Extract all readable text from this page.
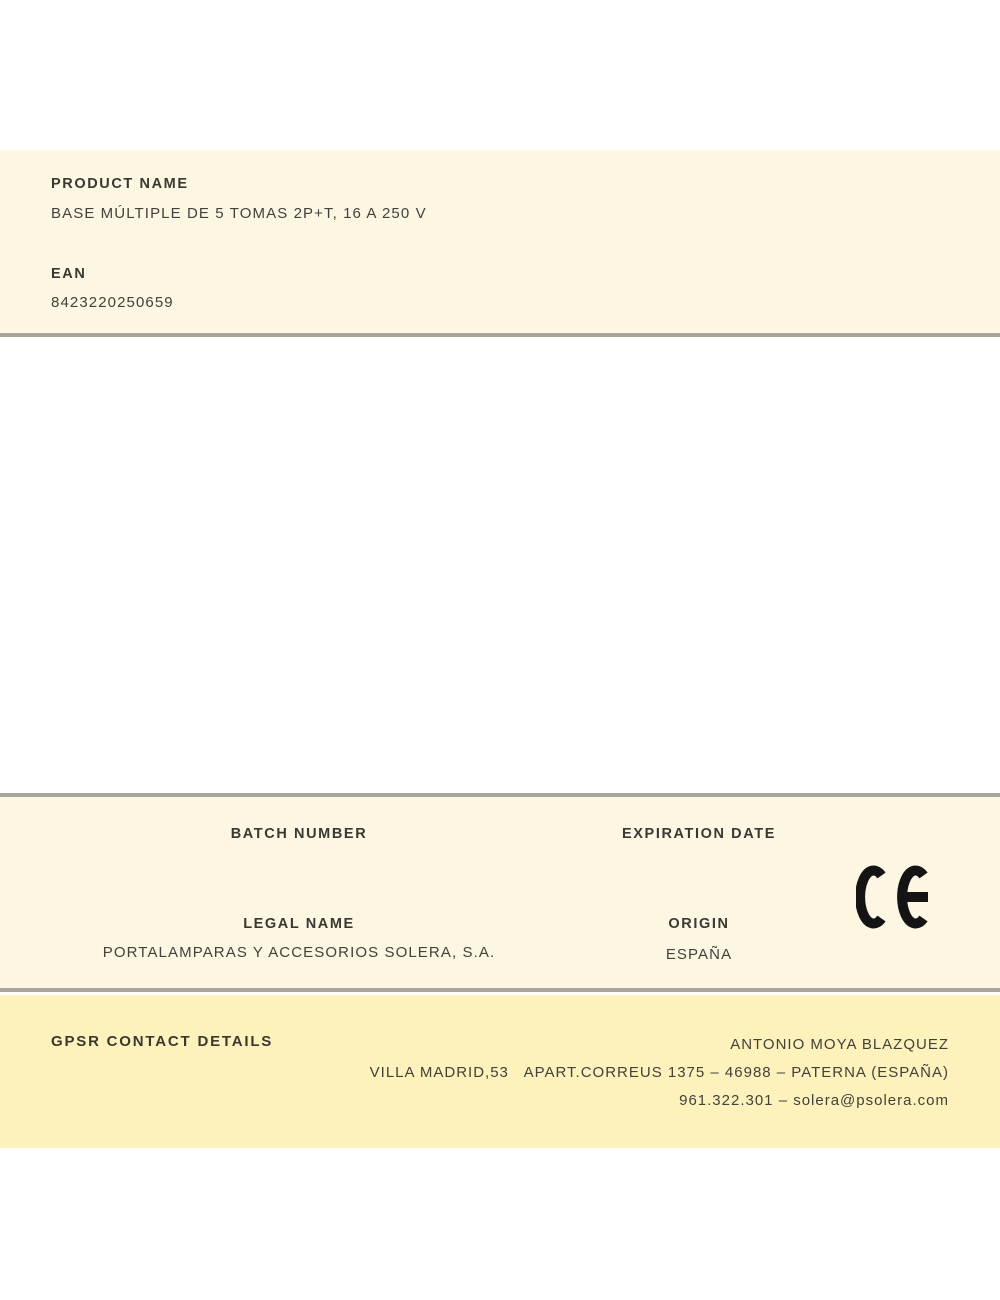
PRODUCT NAME
BASE MÚLTIPLE DE 5 TOMAS 2P+T, 16 A 250 V
EAN
8423220250659
BATCH NUMBER
LEGAL NAME
PORTALAMPARAS Y ACCESORIOS SOLERA, S.A.
EXPIRATION DATE
ORIGIN
ESPAÑA
GPSR CONTACT DETAILS	ANTONIO MOYA BLAZQUEZ
VILLA MADRID,53   APART.CORREUS 1375 – 46988 – PATERNA (ESPAÑA)
961.322.301 – solera@psolera.com
